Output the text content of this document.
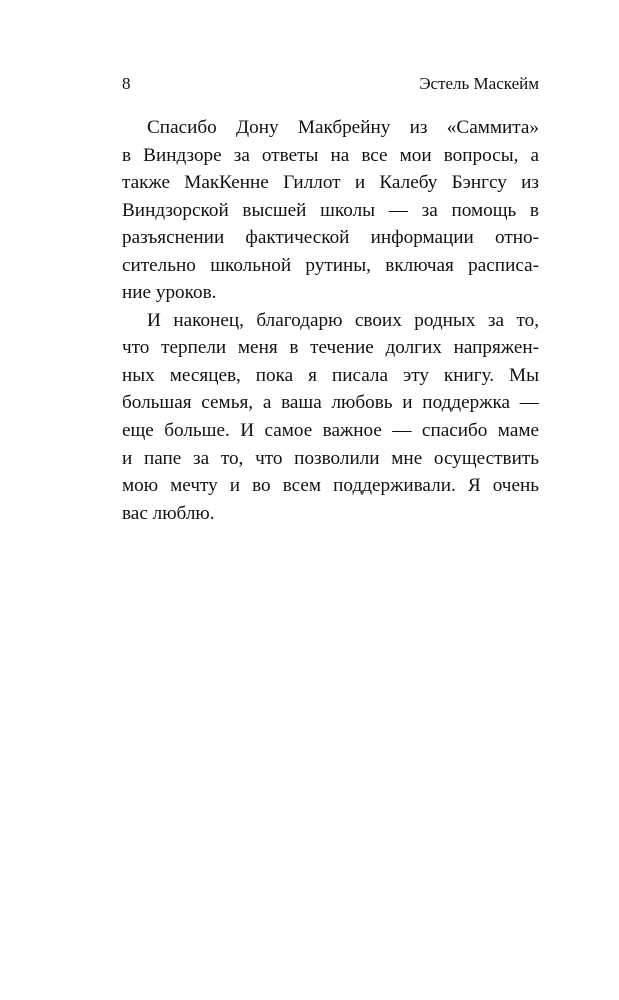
8	Эстель Маскейм
Спасибо Дону Макбрейну из «Саммита»
в Виндзоре за ответы на все мои вопросы, а
также МакКенне Гиллот и Калебу Бэнгсу из
Виндзорской высшей школы — за помощь в
разъяснении фактической информации отно-
сительно школьной рутины, включая расписа-
ние уроков.
И наконец, благодарю своих родных за то,
что терпели меня в течение долгих напряжен-
ных месяцев, пока я писала эту книгу. Мы
большая семья, а ваша любовь и поддержка —
еще больше. И самое важное — спасибо маме
и папе за то, что позволили мне осуществить
мою мечту и во всем поддерживали. Я очень
вас люблю.
